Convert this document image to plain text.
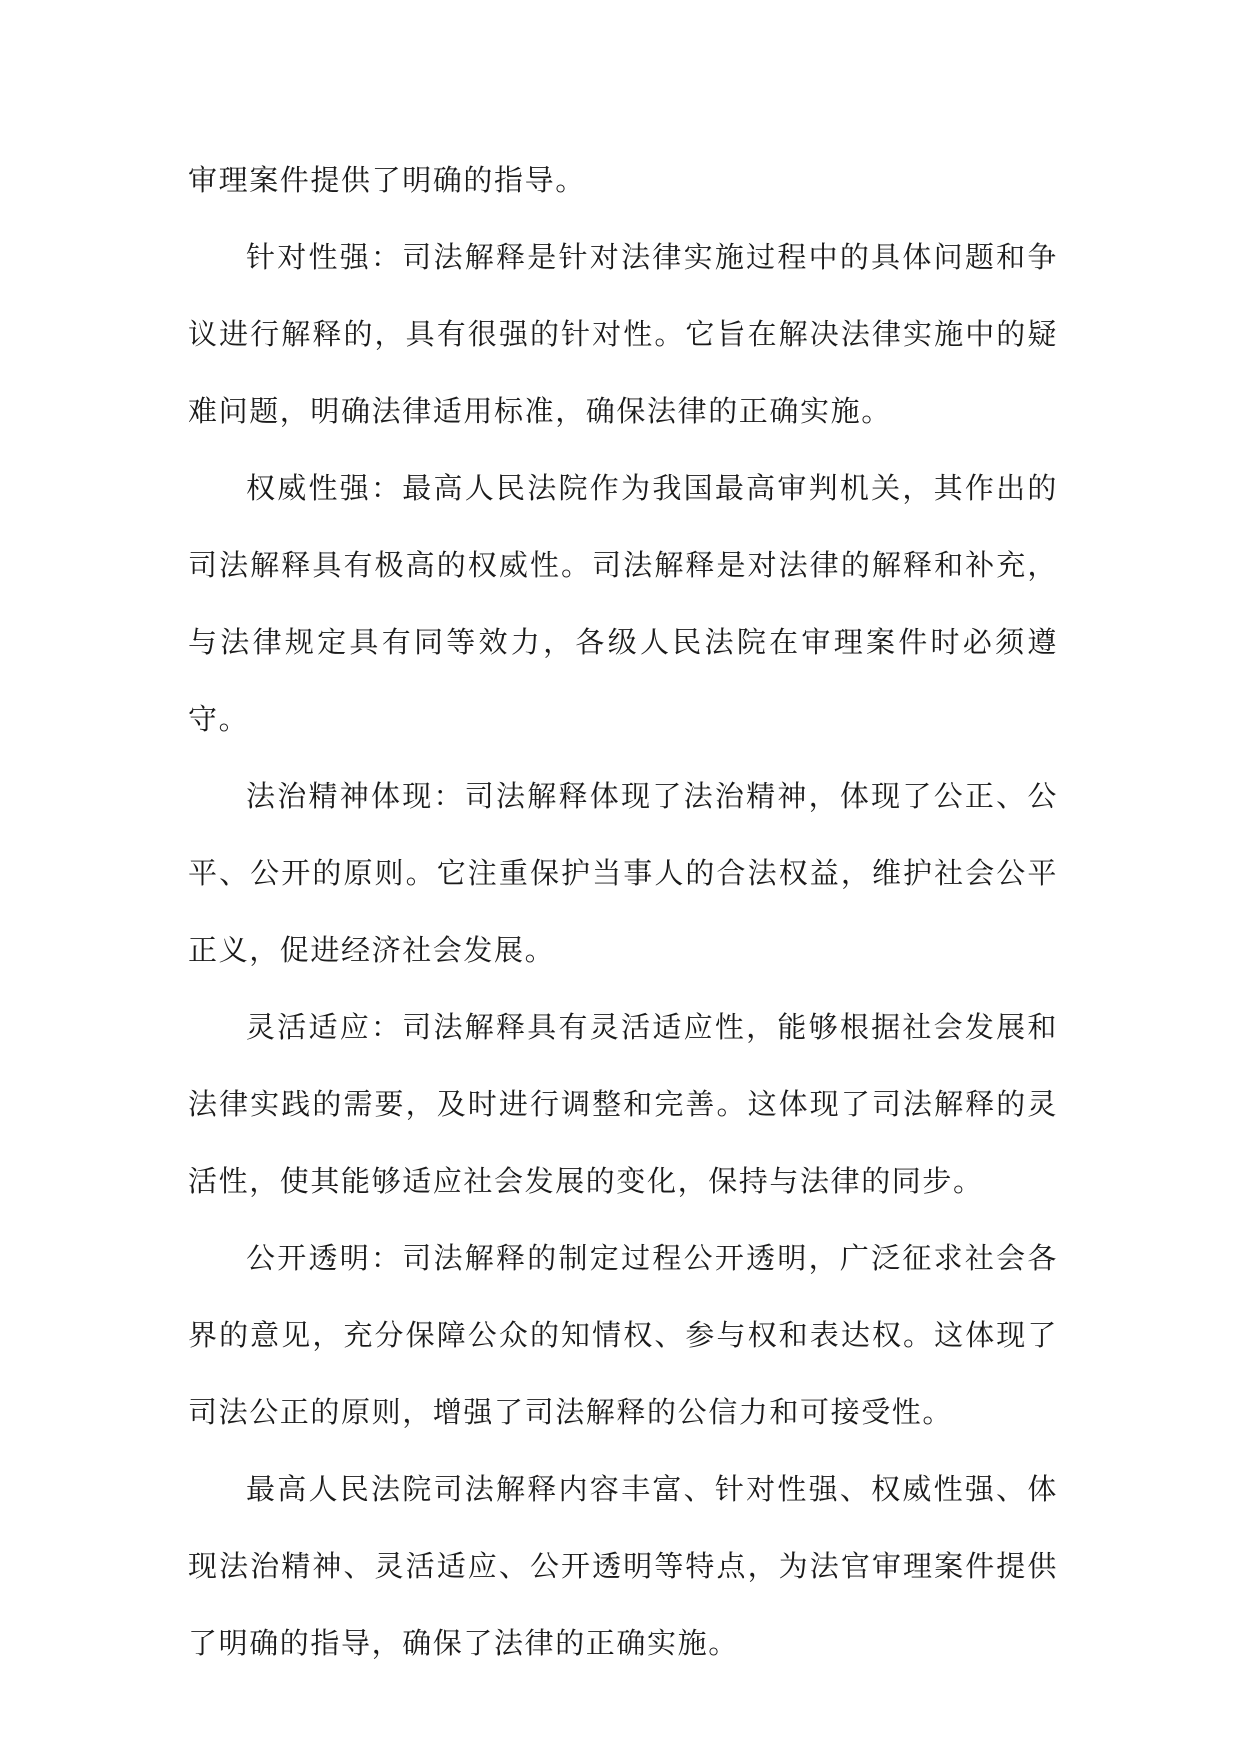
审理案件提供了明确的指导。

针对性强：司法解释是针对法律实施过程中的具体问题和争议进行解释的，具有很强的针对性。它旨在解决法律实施中的疑难问题，明确法律适用标准，确保法律的正确实施。

权威性强：最高人民法院作为我国最高审判机关，其作出的司法解释具有极高的权威性。司法解释是对法律的解释和补充，与法律规定具有同等效力，各级人民法院在审理案件时必须遵守。

法治精神体现：司法解释体现了法治精神，体现了公正、公平、公开的原则。它注重保护当事人的合法权益，维护社会公平正义，促进经济社会发展。

灵活适应：司法解释具有灵活适应性，能够根据社会发展和法律实践的需要，及时进行调整和完善。这体现了司法解释的灵活性，使其能够适应社会发展的变化，保持与法律的同步。

公开透明：司法解释的制定过程公开透明，广泛征求社会各界的意见，充分保障公众的知情权、参与权和表达权。这体现了司法公正的原则，增强了司法解释的公信力和可接受性。

最高人民法院司法解释内容丰富、针对性强、权威性强、体现法治精神、灵活适应、公开透明等特点，为法官审理案件提供了明确的指导，确保了法律的正确实施。
